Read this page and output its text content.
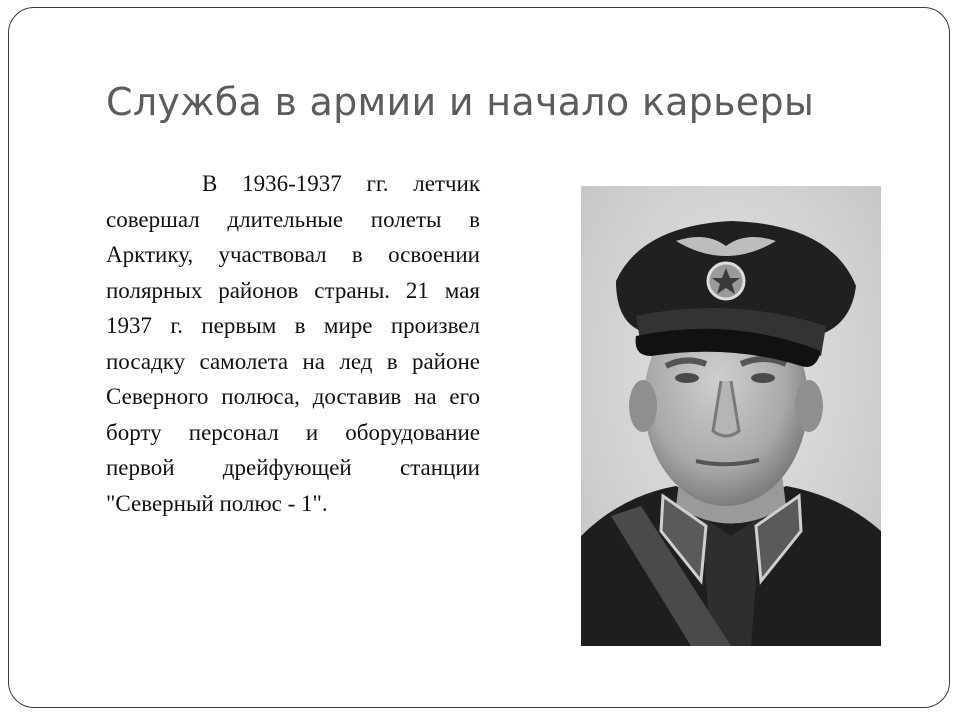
Служба в армии и начало карьеры

В 1936-1937 гг. летчик совершал длительные полеты в Арктику, участвовал в освоении полярных районов страны. 21 мая 1937 г. первым в мире произвел посадку самолета на лед в районе Северного полюса, доставив на его борту персонал и оборудование первой дрейфующей станции "Северный полюс - 1".
